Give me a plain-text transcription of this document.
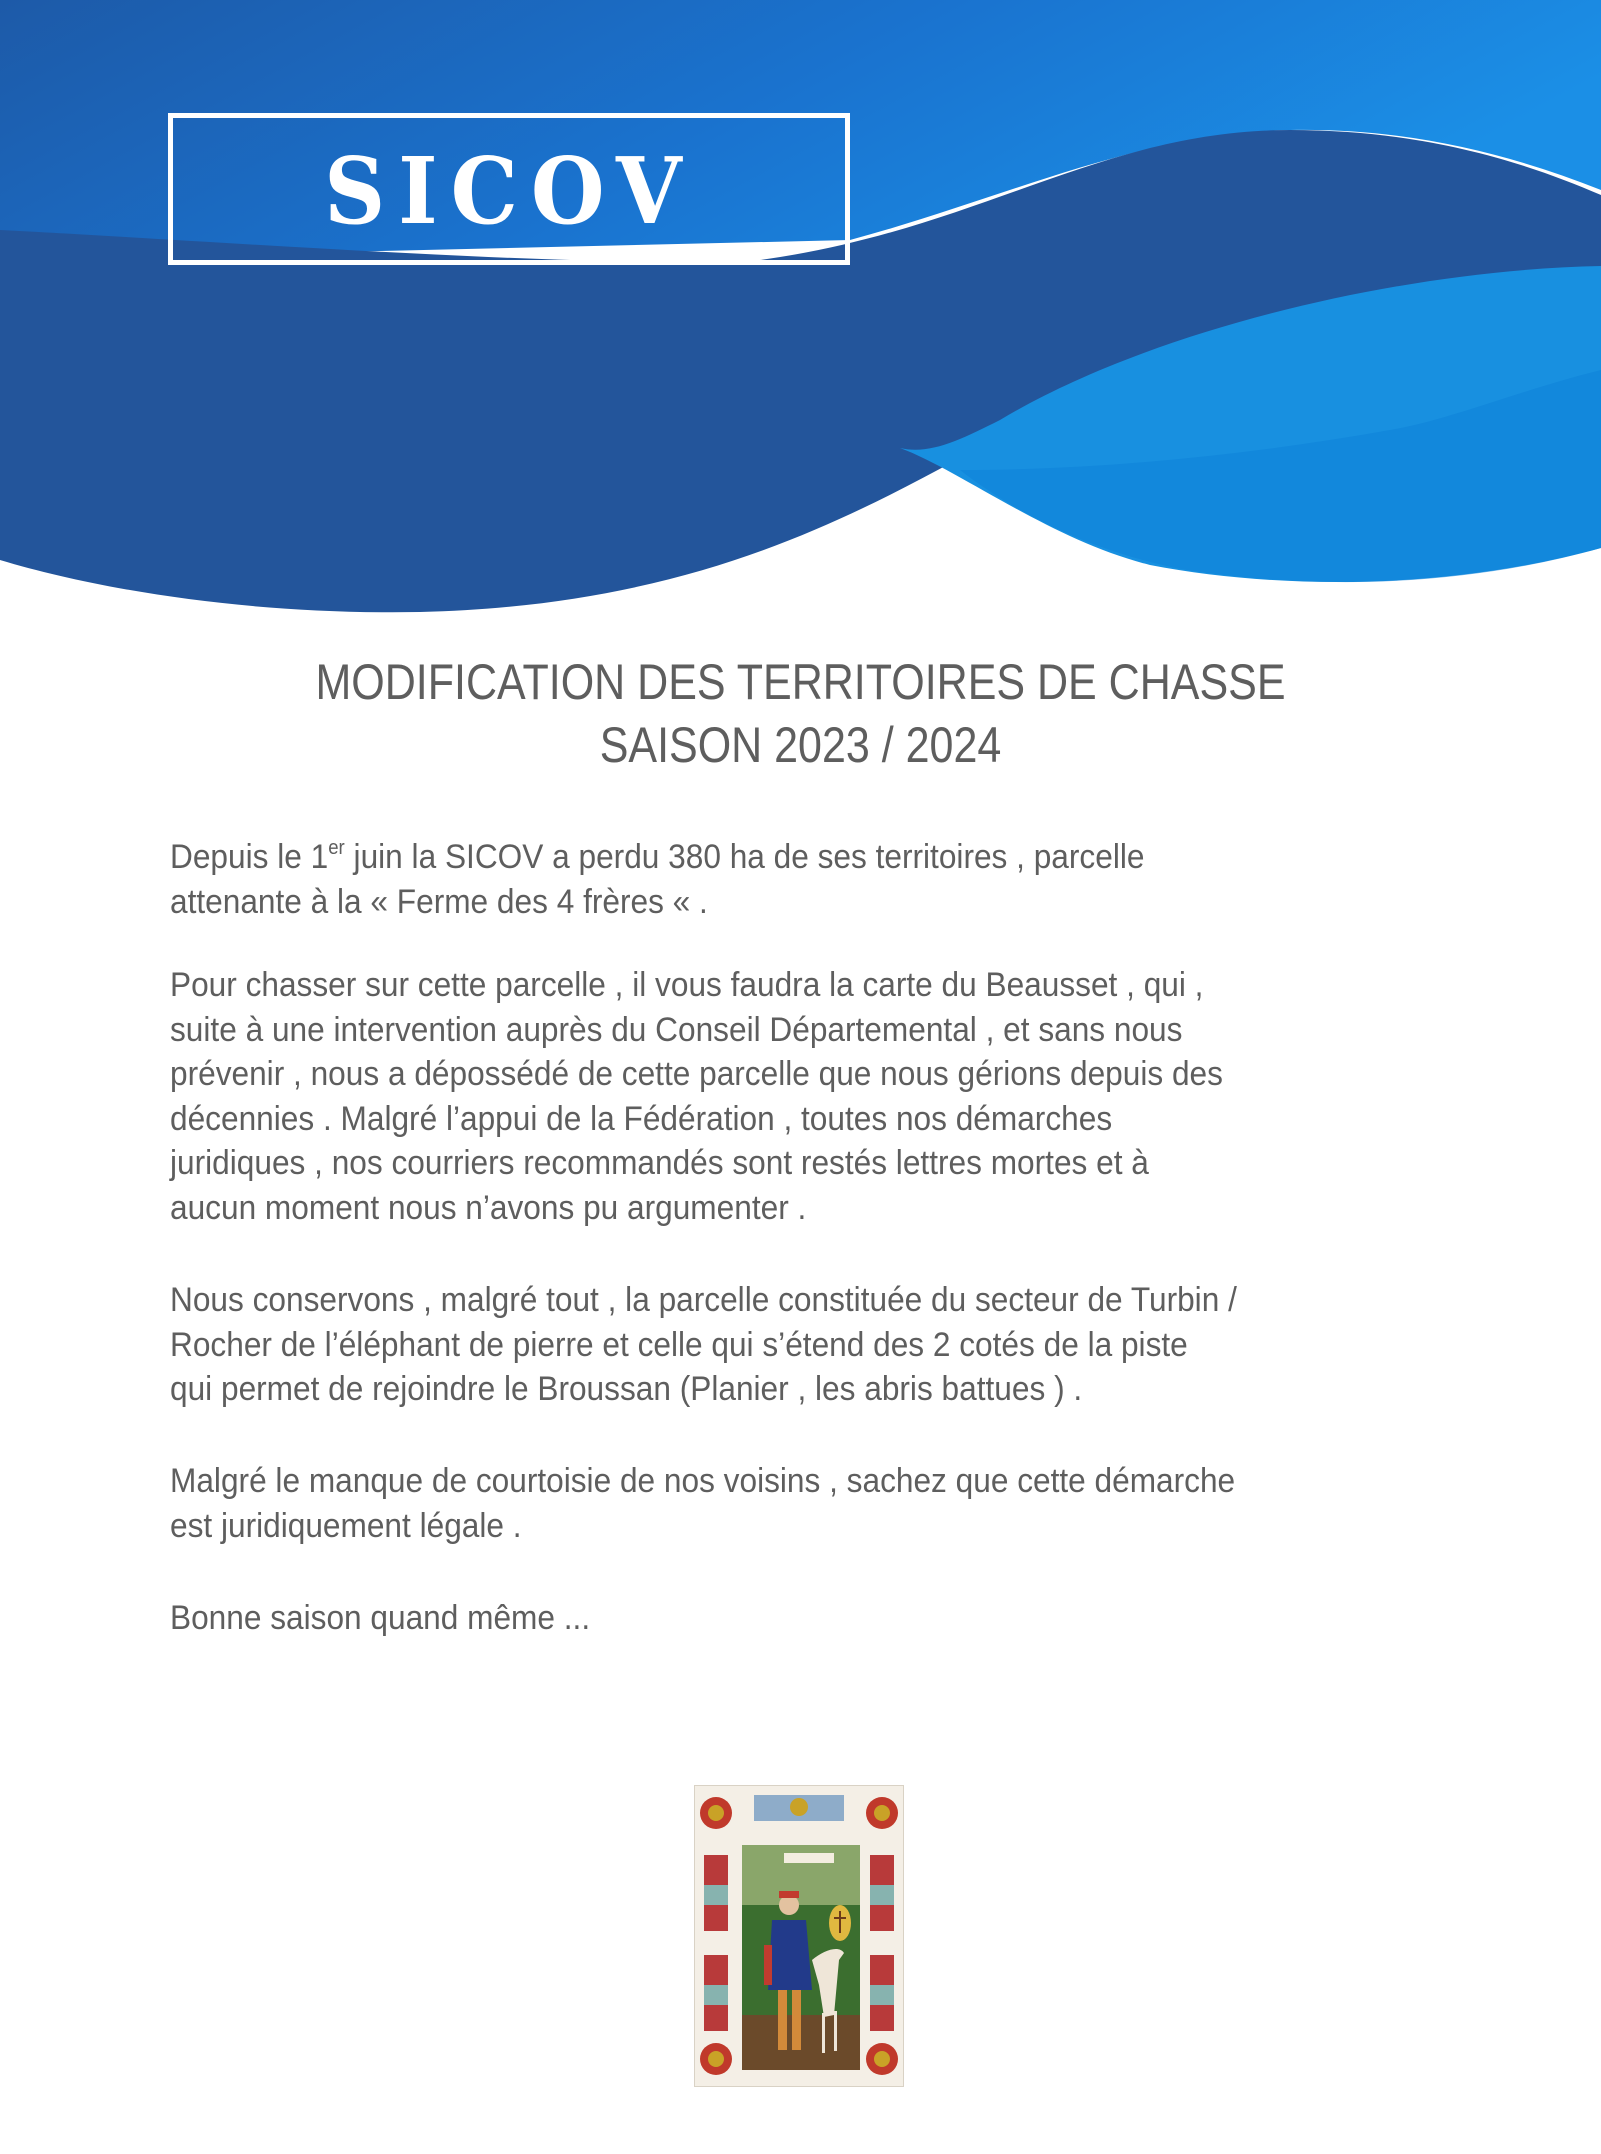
SICOV
MODIFICATION DES TERRITOIRES DE CHASSE
SAISON 2023 / 2024

Depuis le 1er juin la SICOV a perdu 380 ha de ses territoires , parcelle

attenante à la « Ferme des 4 frères « .

Pour chasser sur cette parcelle , il vous faudra la carte du Beausset , qui ,

suite à une intervention auprès du Conseil Départemental , et sans nous

prévenir , nous a dépossédé de cette parcelle que nous gérions depuis des

décennies . Malgré l’appui de la Fédération , toutes nos démarches

juridiques , nos courriers recommandés sont restés lettres mortes et à

aucun moment nous n’avons pu argumenter .

Nous conservons , malgré tout , la parcelle constituée du secteur de Turbin /

Rocher de l’éléphant de pierre et celle qui s’étend des 2 cotés de la piste

qui permet de rejoindre le Broussan (Planier , les abris battues ) .

Malgré le manque de courtoisie de nos voisins , sachez que cette démarche

est juridiquement légale .

Bonne saison quand même ...
